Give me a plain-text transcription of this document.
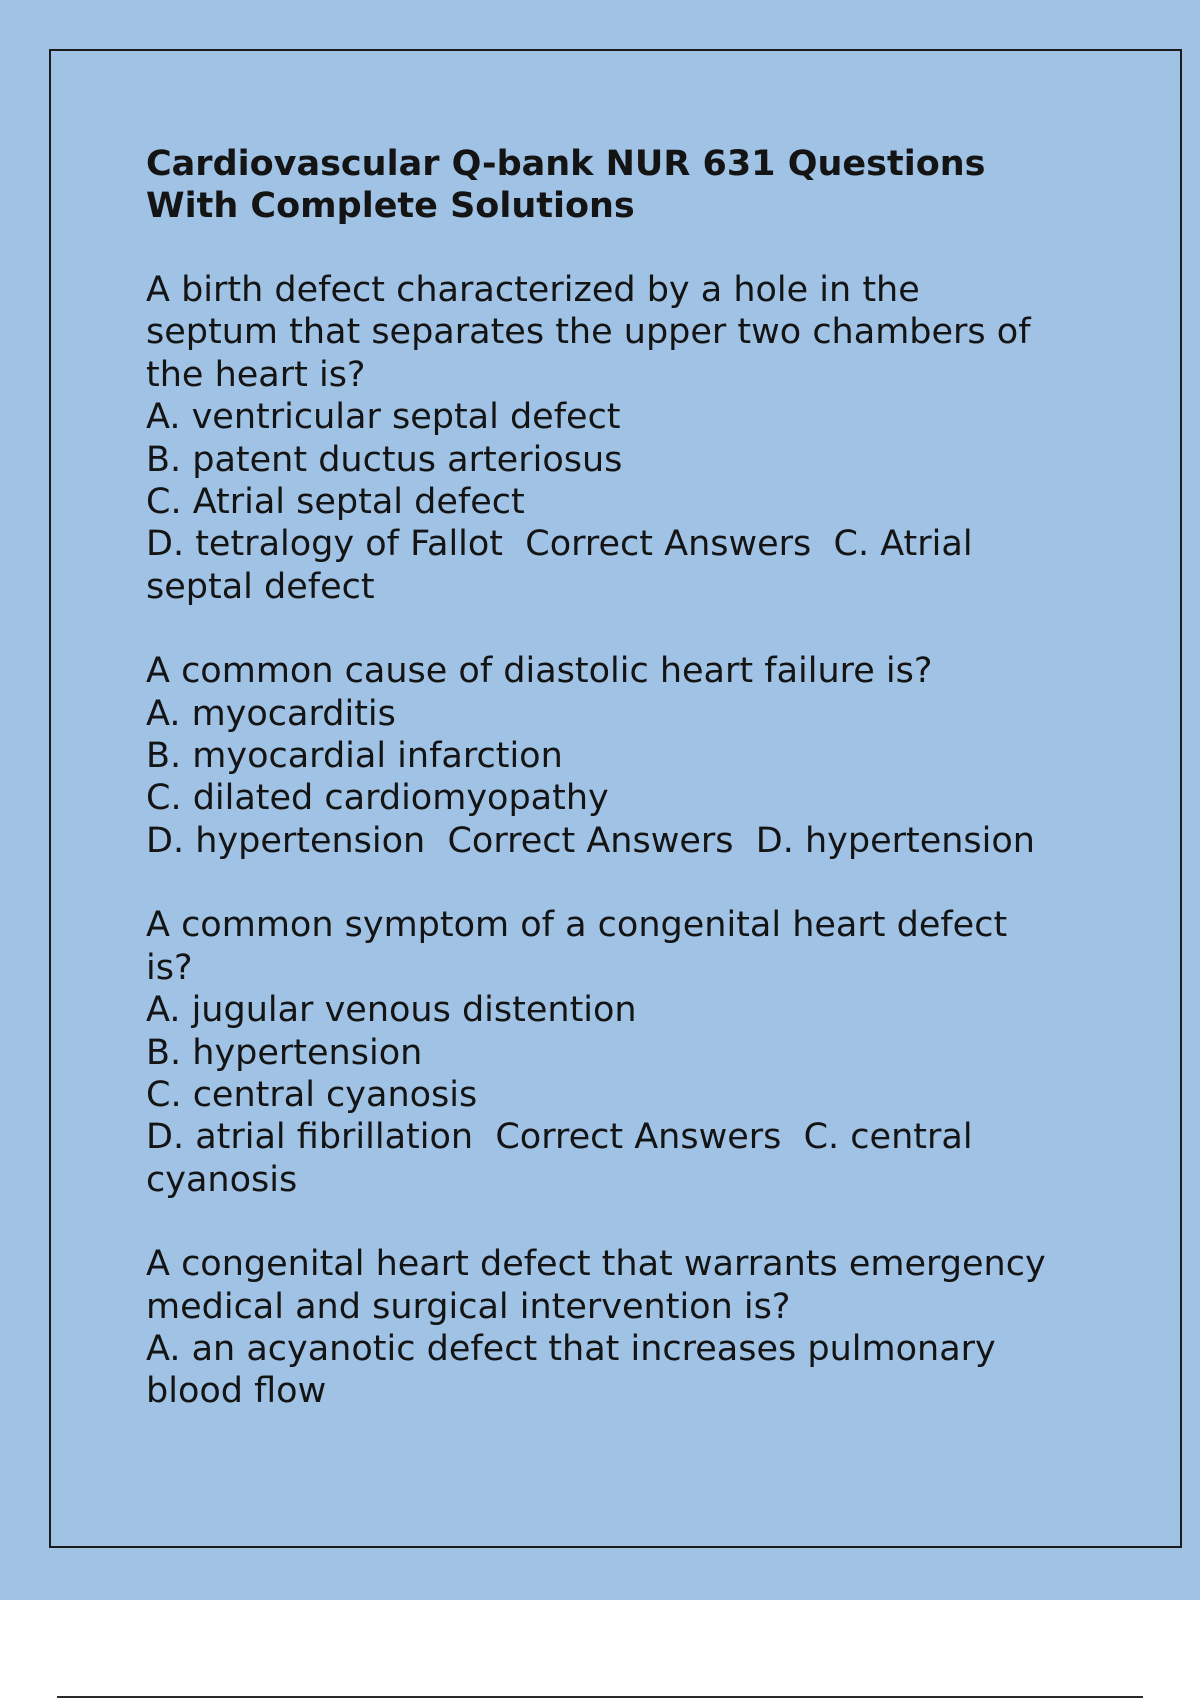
Cardiovascular Q-bank NUR 631 Questions
With Complete Solutions
A birth defect characterized by a hole in the
septum that separates the upper two chambers of
the heart is?
A. ventricular septal defect
B. patent ductus arteriosus
C. Atrial septal defect
D. tetralogy of Fallot  Correct Answers  C. Atrial
septal defect
A common cause of diastolic heart failure is?
A. myocarditis
B. myocardial infarction
C. dilated cardiomyopathy
D. hypertension  Correct Answers  D. hypertension
A common symptom of a congenital heart defect
is?
A. jugular venous distention
B. hypertension
C. central cyanosis
D. atrial fibrillation  Correct Answers  C. central
cyanosis
A congenital heart defect that warrants emergency
medical and surgical intervention is?
A. an acyanotic defect that increases pulmonary
blood flow
